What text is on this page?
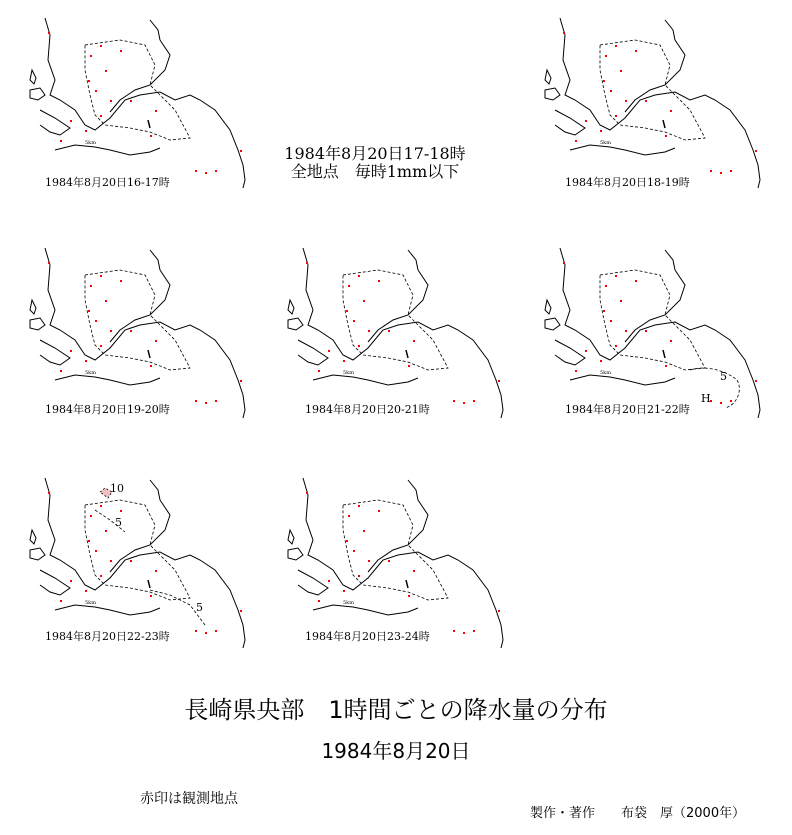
5km
1984年8月20日16-17時
1984年8月20日17-18時
全地点　毎時1mm以下
5km
1984年8月20日18-19時
5km
1984年8月20日19-20時
5km
1984年8月20日20-21時
5
H
5km
1984年8月20日21-22時
10
5
5
5km
1984年8月20日22-23時
5km
1984年8月20日23-24時
長崎県央部　1時間ごとの降水量の分布
1984年8月20日
赤印は観測地点
製作・著作　　布袋　厚（2000年）
